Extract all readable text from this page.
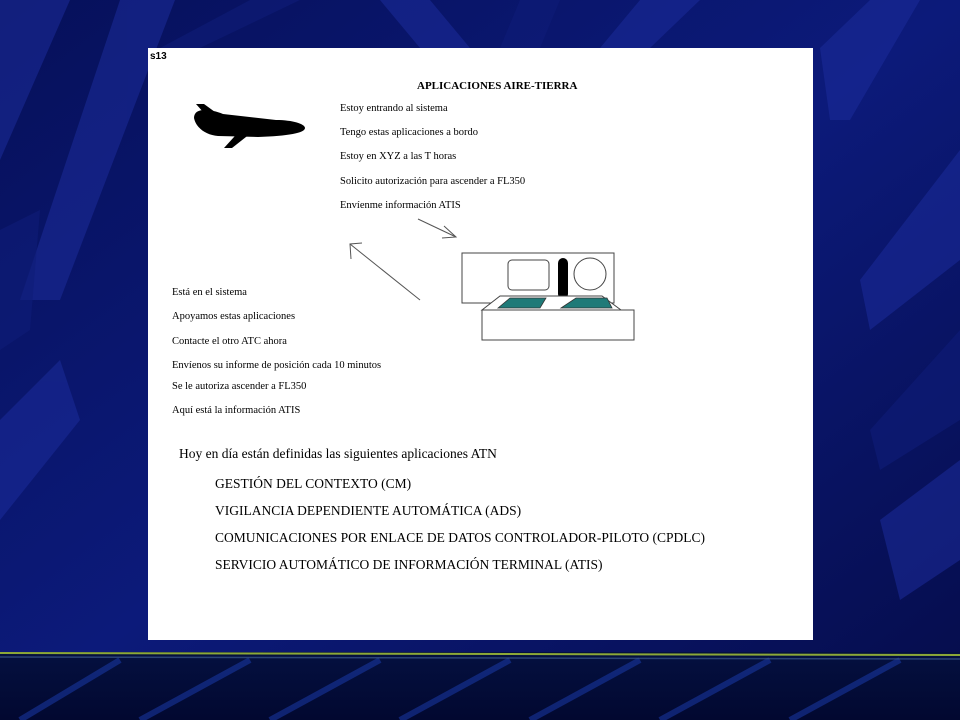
s13
APLICACIONES AIRE-TIERRA
Estoy entrando al sistema
Tengo estas aplicaciones a bordo
Estoy en XYZ a las T horas
Solicito autorización para ascender a FL350
Envíenme información ATIS
Está en el sistema
Apoyamos estas aplicaciones
Contacte el otro ATC ahora
Envíenos su informe de posición cada 10 minutos
Se le autoriza ascender a FL350
Aquí está la información ATIS
Hoy en día están definidas las siguientes aplicaciones ATN
GESTIÓN DEL CONTEXTO (CM)
VIGILANCIA DEPENDIENTE AUTOMÁTICA (ADS)
COMUNICACIONES POR ENLACE DE DATOS CONTROLADOR-PILOTO (CPDLC)
SERVICIO AUTOMÁTICO DE INFORMACIÓN TERMINAL (ATIS)
